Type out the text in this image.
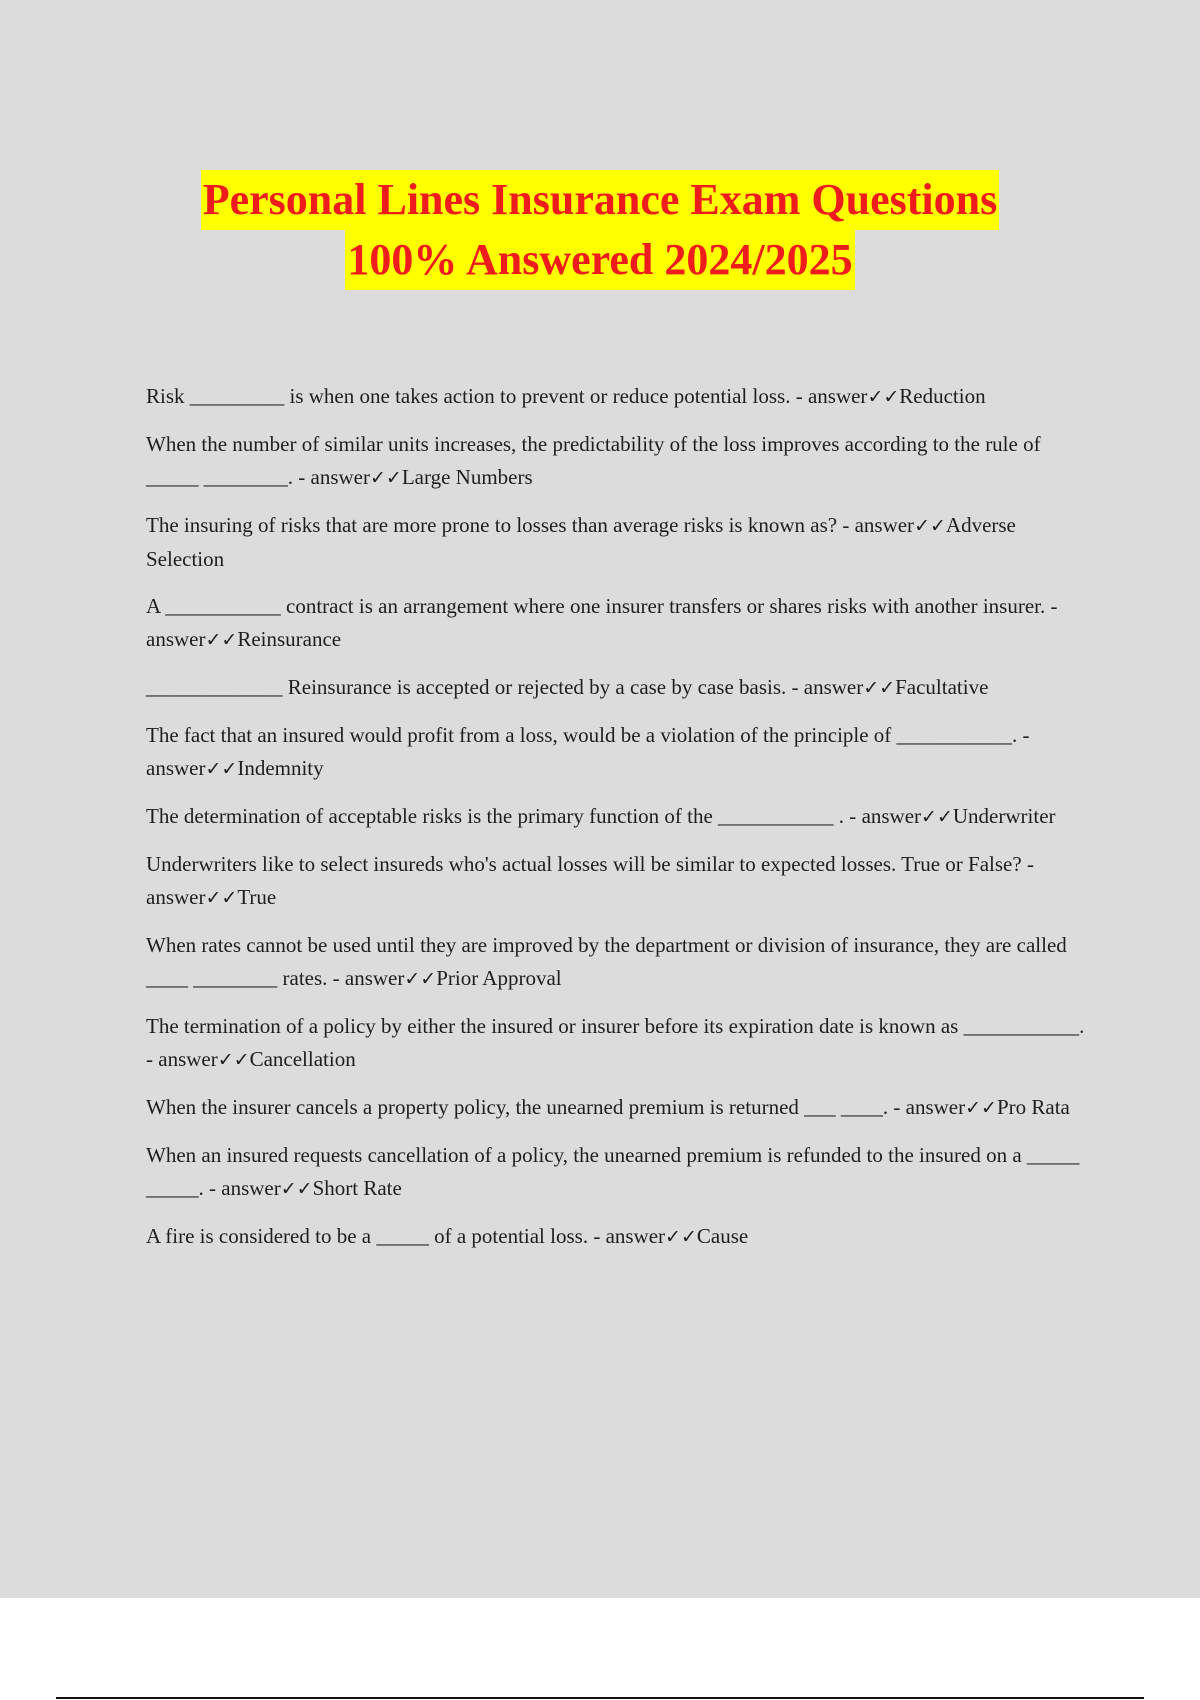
Personal Lines Insurance Exam Questions
100% Answered 2024/2025
Risk _________ is when one takes action to prevent or reduce potential loss. - answer✓✓Reduction
When the number of similar units increases, the predictability of the loss improves according to the rule of _____ ________. - answer✓✓Large Numbers
The insuring of risks that are more prone to losses than average risks is known as? - answer✓✓Adverse Selection
A ___________ contract is an arrangement where one insurer transfers or shares risks with another insurer. - answer✓✓Reinsurance
_____________ Reinsurance is accepted or rejected by a case by case basis. - answer✓✓Facultative
The fact that an insured would profit from a loss, would be a violation of the principle of ___________. - answer✓✓Indemnity
The determination of acceptable risks is the primary function of the ___________ . - answer✓✓Underwriter
Underwriters like to select insureds who's actual losses will be similar to expected losses. True or False? - answer✓✓True
When rates cannot be used until they are improved by the department or division of insurance, they are called ____ ________ rates. - answer✓✓Prior Approval
The termination of a policy by either the insured or insurer before its expiration date is known as ___________. - answer✓✓Cancellation
When the insurer cancels a property policy, the unearned premium is returned ___ ____. - answer✓✓Pro Rata
When an insured requests cancellation of a policy, the unearned premium is refunded to the insured on a _____ _____. - answer✓✓Short Rate
A fire is considered to be a _____ of a potential loss. - answer✓✓Cause
